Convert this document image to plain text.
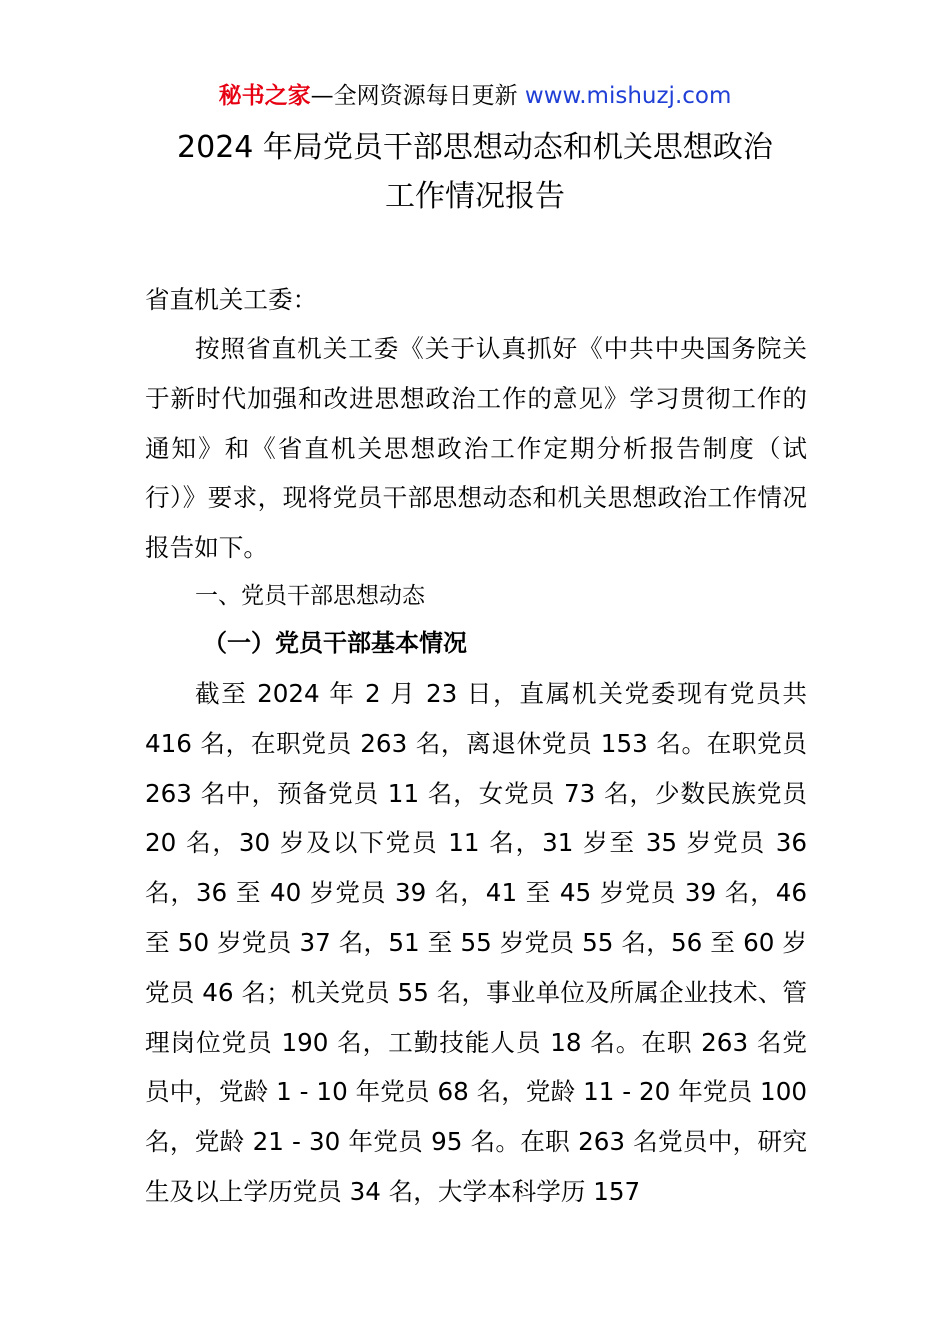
秘书之家—全网资源每日更新 www.mishuzj.com
2024 年局党员干部思想动态和机关思想政治
工作情况报告
省直机关工委：
按照省直机关工委《关于认真抓好《中共中央国务院关于新时代加强和改进思想政治工作的意见》学习贯彻工作的通知》和《省直机关思想政治工作定期分析报告制度（试行）》要求，现将党员干部思想动态和机关思想政治工作情况报告如下。
一、党员干部思想动态
（一）党员干部基本情况
截至 2024 年 2 月 23 日，直属机关党委现有党员共 416 名，在职党员 263 名，离退休党员 153 名。在职党员 263 名中，预备党员 11 名，女党员 73 名，少数民族党员 20 名，30 岁及以下党员 11 名，31 岁至 35 岁党员 36 名，36 至 40 岁党员 39 名，41 至 45 岁党员 39 名，46 至 50 岁党员 37 名，51 至 55 岁党员 55 名，56 至 60 岁党员 46 名；机关党员 55 名，事业单位及所属企业技术、管理岗位党员 190 名，工勤技能人员 18 名。在职 263 名党员中，党龄 1 - 10 年党员 68 名，党龄 11 - 20 年党员 100 名，党龄 21 - 30 年党员 95 名。在职 263 名党员中，研究生及以上学历党员 34 名，大学本科学历 157
